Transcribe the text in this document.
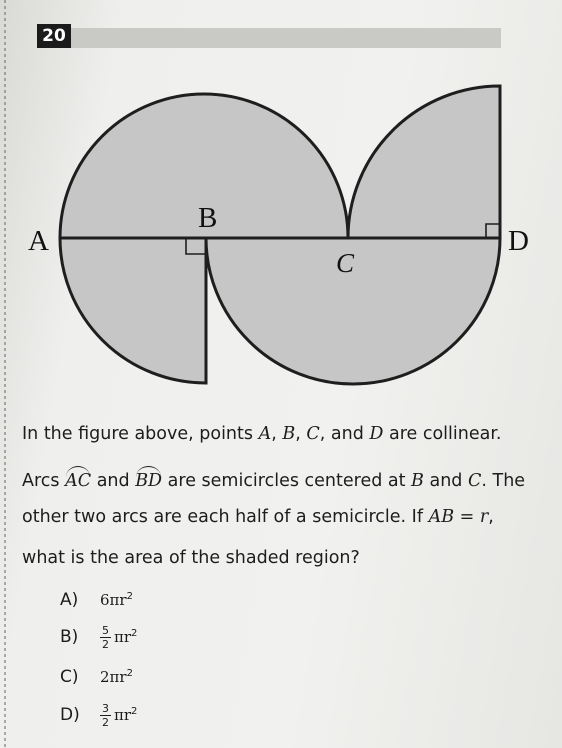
20
A
B
C
D
In the figure above, points A, B, C, and D are collinear.
Arcs AC and BD are semicircles centered at B and C. The
other two arcs are each half of a semicircle. If AB = r,
what is the area of the shaded region?
A)	6 $\pi r^2$
B)	$\frac{5}{2} \pi r^2$
C)	2 $\pi r^2$
D)	$\frac{3}{2} \pi r^2$
